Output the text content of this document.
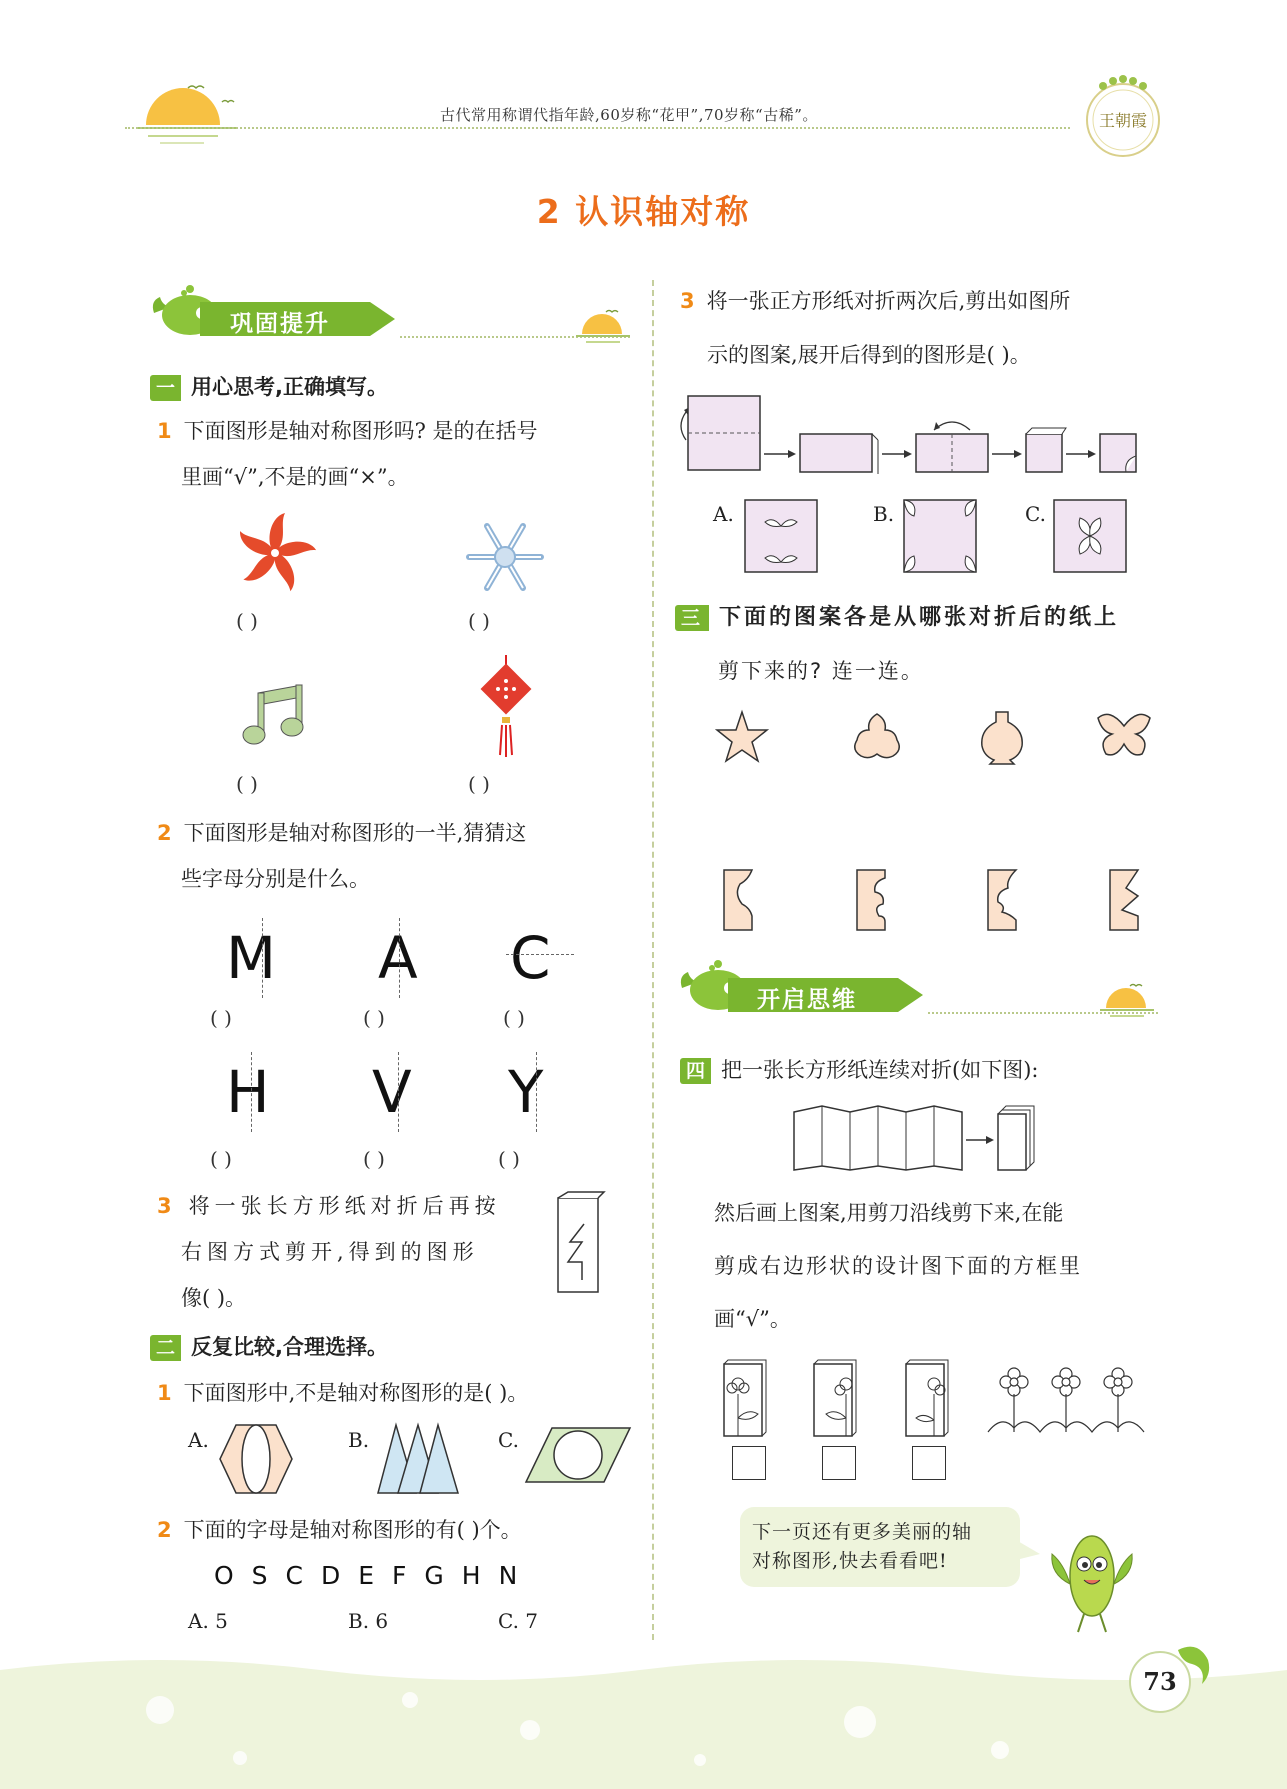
古代常用称谓代指年龄,60岁称“花甲”,70岁称“古稀”。	王朝霞
2 认识轴对称
巩固提升
一 用心思考,正确填写。
1 下面图形是轴对称图形吗? 是的在括号
里画“√”,不是的画“×”。
( )	( )
( )	( )
2 下面图形是轴对称图形的一半,猜猜这
些字母分别是什么。
M A C
( )	( )	( )
H V Y
( )	( )	( )
3 将一张长方形纸对折后再按
右图方式剪开,得到的图形
像( )。
二 反复比较,合理选择。
1 下面图形中,不是轴对称图形的是( )。
A.	B.	C.
2 下面的字母是轴对称图形的有( )个。
OSCDEFGHN
A. 5	B. 6	C. 7
3 将一张正方形纸对折两次后,剪出如图所
示的图案,展开后得到的图形是( )。
A.	B.	C.
三 下面的图案各是从哪张对折后的纸上
剪下来的? 连一连。
开启思维
四 把一张长方形纸连续对折(如下图):
然后画上图案,用剪刀沿线剪下来,在能
剪成右边形状的设计图下面的方框里
画“√”。
下一页还有更多美丽的轴
对称图形,快去看看吧!
73
